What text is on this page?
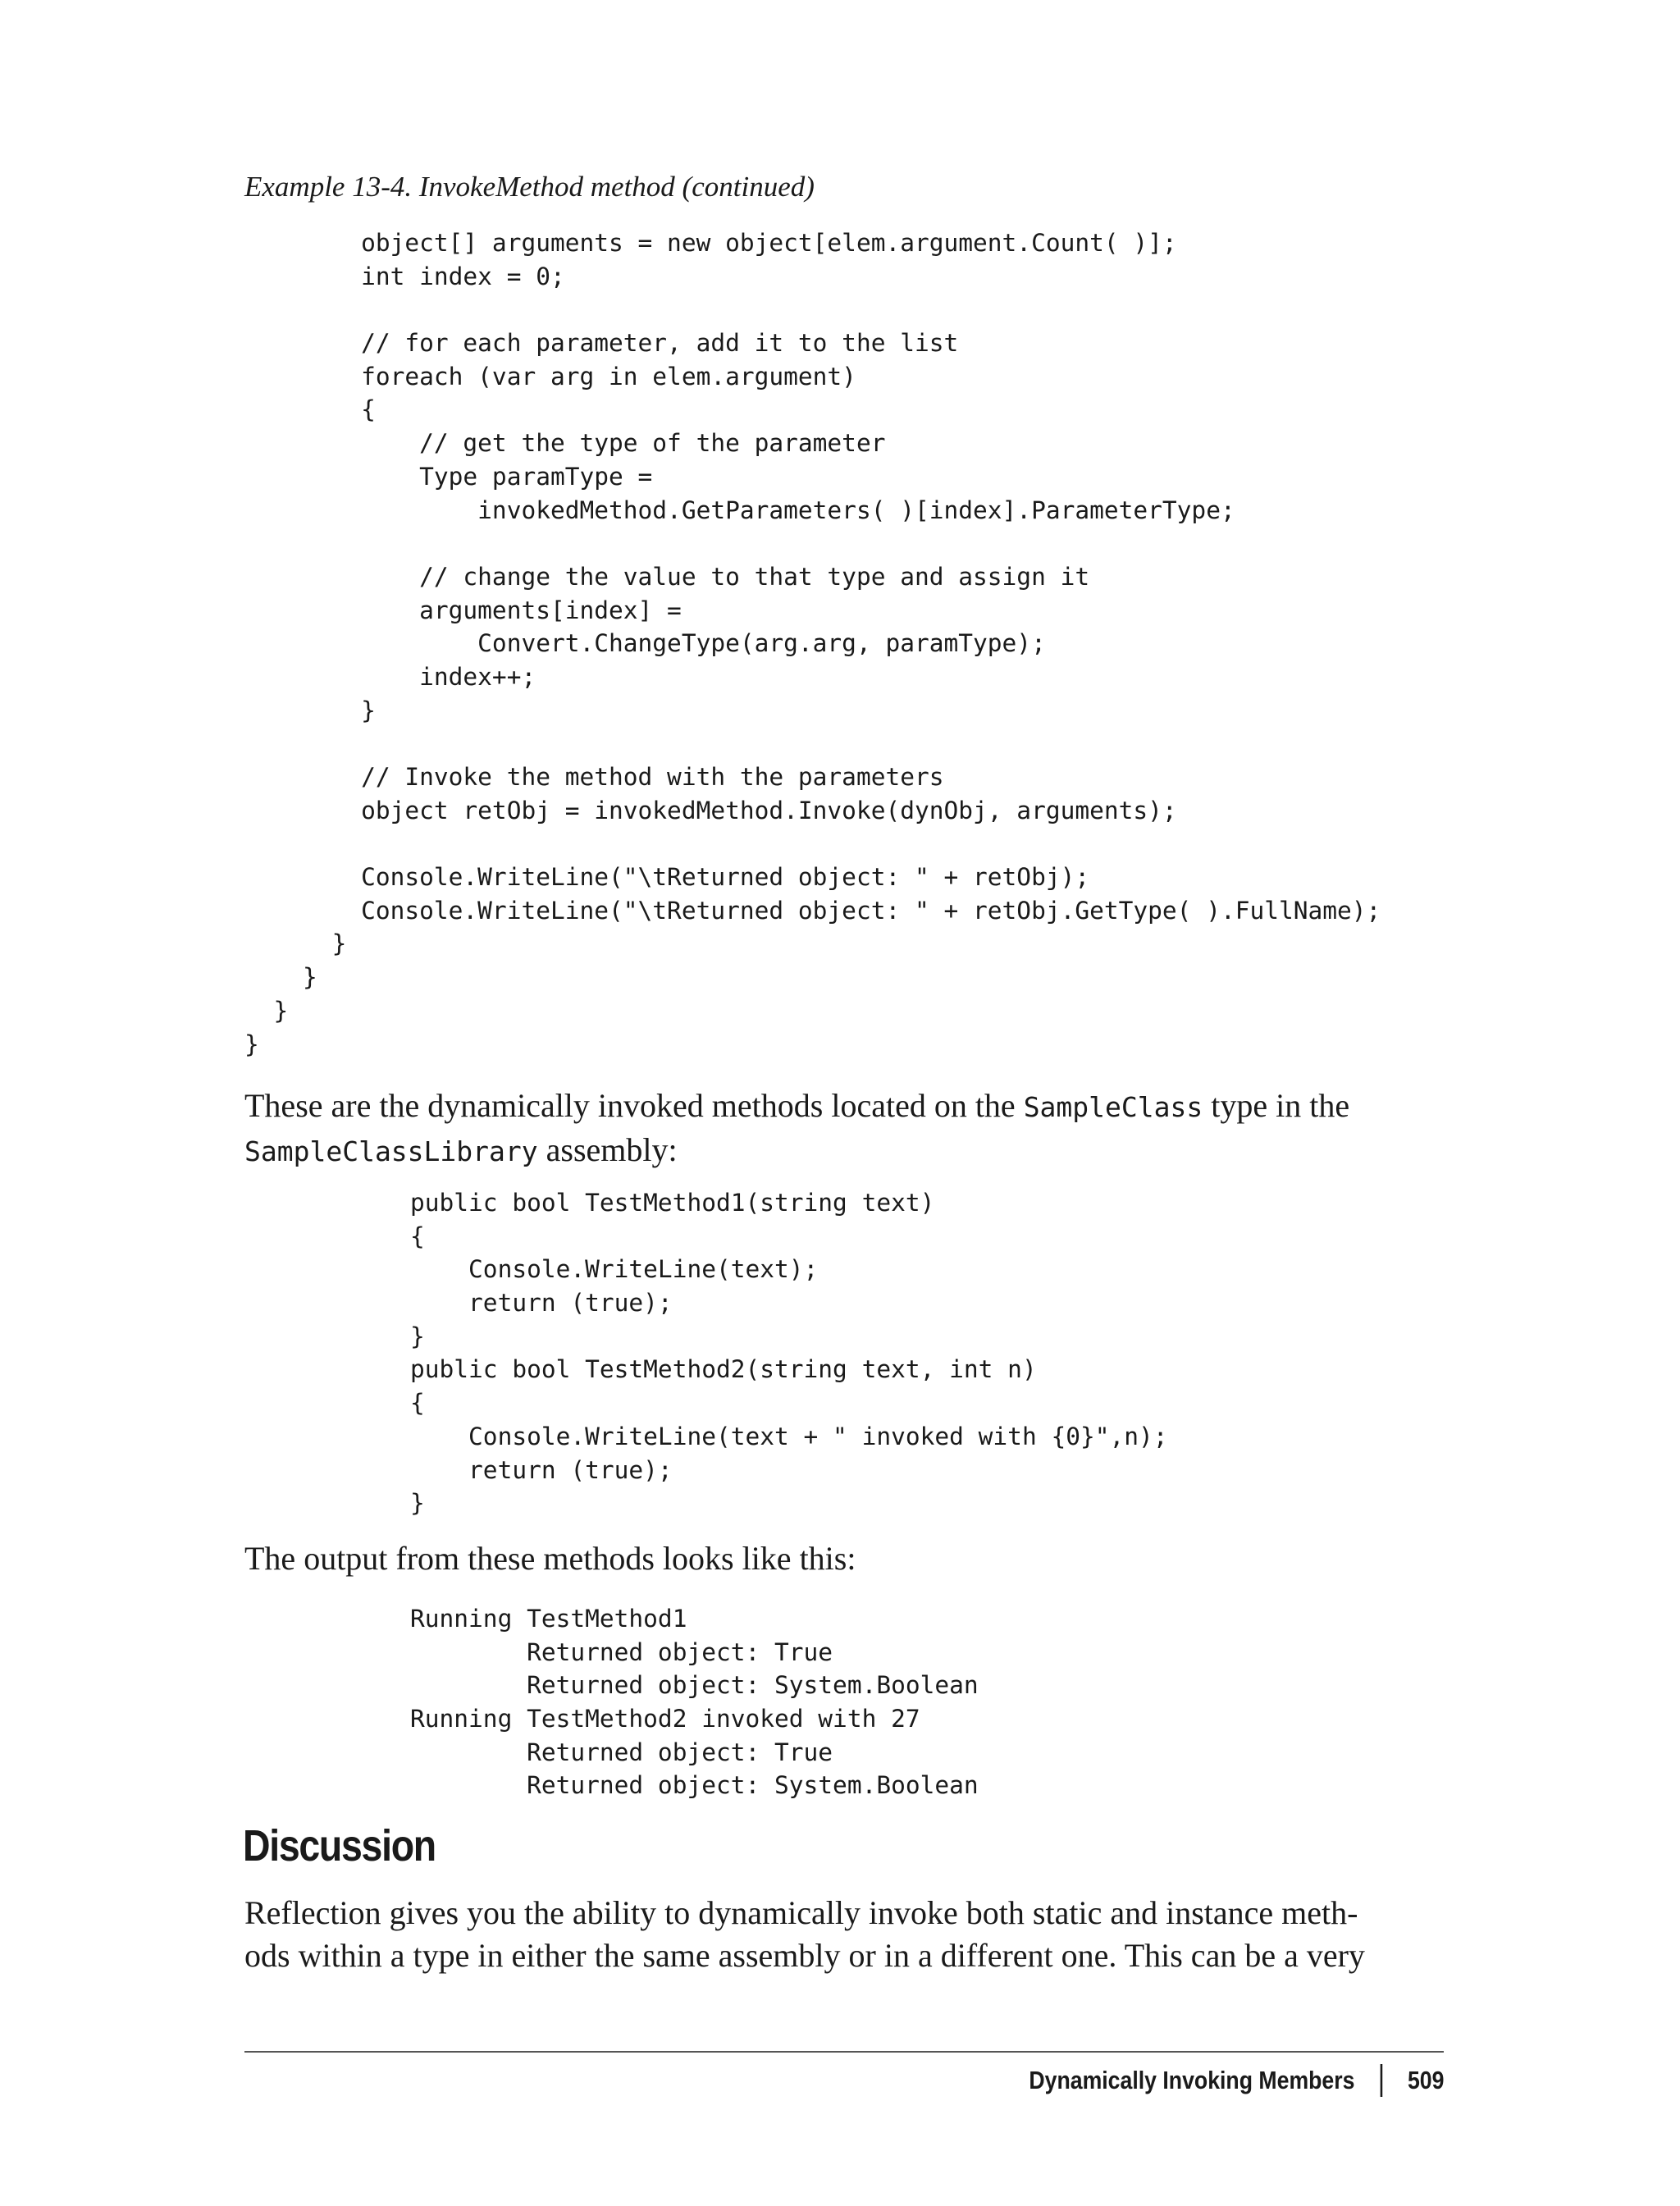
Example 13-4. InvokeMethod method (continued)
object[] arguments = new object[elem.argument.Count( )];
int index = 0;

// for each parameter, add it to the list
foreach (var arg in elem.argument)
{
// get the type of the parameter
Type paramType =
invokedMethod.GetParameters( )[index].ParameterType;

// change the value to that type and assign it
arguments[index] =
Convert.ChangeType(arg.arg, paramType);
index++;
}

// Invoke the method with the parameters
object retObj = invokedMethod.Invoke(dynObj, arguments);

Console.WriteLine("\tReturned object: " + retObj);
Console.WriteLine("\tReturned object: " + retObj.GetType( ).FullName);
}
}
}
}

These are the dynamically invoked methods located on the SampleClass type in the
SampleClassLibrary assembly:

public bool TestMethod1(string text)
{
Console.WriteLine(text);
return (true);
}
public bool TestMethod2(string text, int n)
{
Console.WriteLine(text + " invoked with {0}",n);
return (true);
}

The output from these methods looks like this:

Running TestMethod1
Returned object: True
Returned object: System.Boolean
Running TestMethod2 invoked with 27
Returned object: True
Returned object: System.Boolean
Discussion

Reflection gives you the ability to dynamically invoke both static and instance meth-
ods within a type in either the same assembly or in a different one. This can be a very

Dynamically Invoking Members 509
